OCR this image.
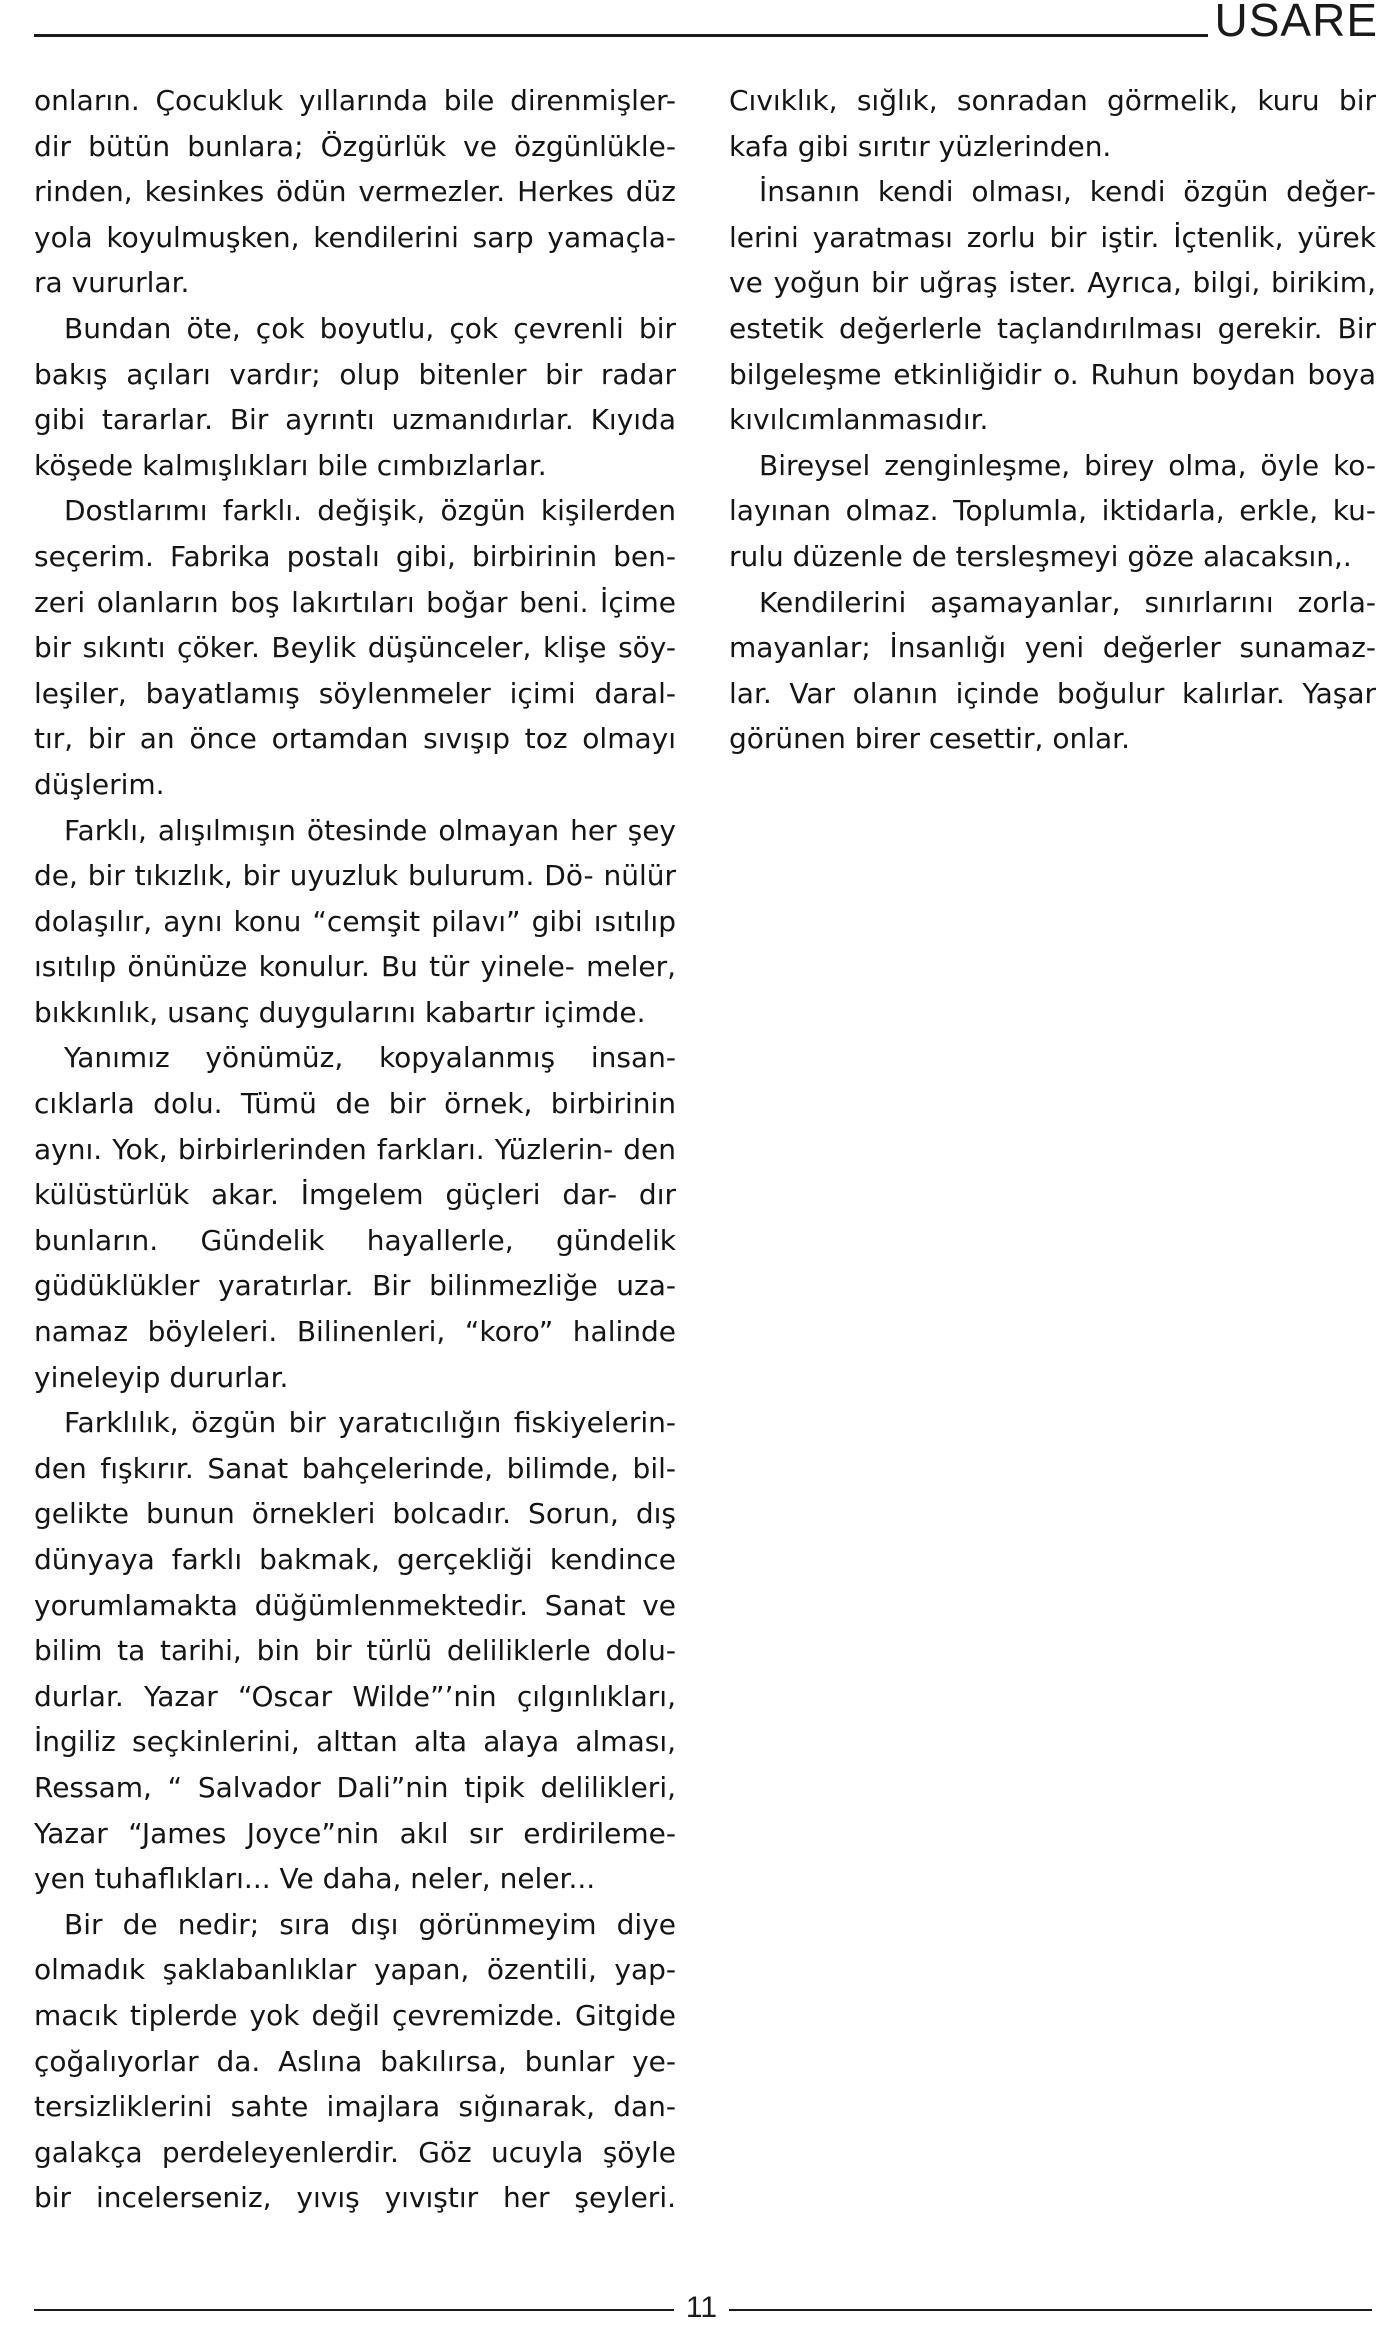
USARE

onların. Çocukluk yıllarında bile direnmişler- dir bütün bunlara; Özgürlük ve özgünlükle- rinden, kesinkes ödün vermezler. Herkes düz yola koyulmuşken, kendilerini sarp yamaçla- ra vururlar.

Bundan öte, çok boyutlu, çok çevrenli bir bakış açıları vardır; olup bitenler bir radar gibi tararlar. Bir ayrıntı uzmanıdırlar. Kıyıda köşede kalmışlıkları bile cımbızlarlar.

Dostlarımı farklı. değişik, özgün kişilerden seçerim. Fabrika postalı gibi, birbirinin ben- zeri olanların boş lakırtıları boğar beni. İçime bir sıkıntı çöker. Beylik düşünceler, klişe söy- leşiler, bayatlamış söylenmeler içimi daral- tır, bir an önce ortamdan sıvışıp toz olmayı düşlerim.

Farklı, alışılmışın ötesinde olmayan her şey de, bir tıkızlık, bir uyuzluk bulurum. Dö- nülür dolaşılır, aynı konu “cemşit pilavı” gibi ısıtılıp ısıtılıp önünüze konulur. Bu tür yinele- meler, bıkkınlık, usanç duygularını kabartır içimde.

Yanımız yönümüz, kopyalanmış insan- cıklarla dolu. Tümü de bir örnek, birbirinin aynı. Yok, birbirlerinden farkları. Yüzlerin- den külüstürlük akar. İmgelem güçleri dar- dır bunların. Gündelik hayallerle, gündelik güdüklükler yaratırlar. Bir bilinmezliğe uza- namaz böyleleri. Bilinenleri, “koro” halinde yineleyip dururlar.

Farklılık, özgün bir yaratıcılığın fiskiyelerin- den fışkırır. Sanat bahçelerinde, bilimde, bil- gelikte bunun örnekleri bolcadır. Sorun, dış dünyaya farklı bakmak, gerçekliği kendince yorumlamakta düğümlenmektedir. Sanat ve bilim ta tarihi, bin bir türlü deliliklerle dolu- durlar. Yazar “Oscar Wilde”’nin çılgınlıkları, İngiliz seçkinlerini, alttan alta alaya alması, Ressam, “ Salvador Dali”nin tipik delilikleri, Yazar “James Joyce”nin akıl sır erdirileme- yen tuhaflıkları... Ve daha, neler, neler...

Bir de nedir; sıra dışı görünmeyim diye olmadık şaklabanlıklar yapan, özentili, yap- macık tiplerde yok değil çevremizde. Gitgide çoğalıyorlar da. Aslına bakılırsa, bunlar ye- tersizliklerini sahte imajlara sığınarak, dan- galakça perdeleyenlerdir. Göz ucuyla şöyle bir incelerseniz, yıvış yıvıştır her şeyleri.

Cıvıklık, sığlık, sonradan görmelik, kuru bir kafa gibi sırıtır yüzlerinden.

İnsanın kendi olması, kendi özgün değer- lerini yaratması zorlu bir iştir. İçtenlik, yürek ve yoğun bir uğraş ister. Ayrıca, bilgi, birikim, estetik değerlerle taçlandırılması gerekir. Bir bilgeleşme etkinliğidir o. Ruhun boydan boya kıvılcımlanmasıdır.

Bireysel zenginleşme, birey olma, öyle ko- layınan olmaz. Toplumla, iktidarla, erkle, ku- rulu düzenle de tersleşmeyi göze alacaksın,.

Kendilerini aşamayanlar, sınırlarını zorla- mayanlar; İnsanlığı yeni değerler sunamaz- lar. Var olanın içinde boğulur kalırlar. Yaşar görünen birer cesettir, onlar.

11
